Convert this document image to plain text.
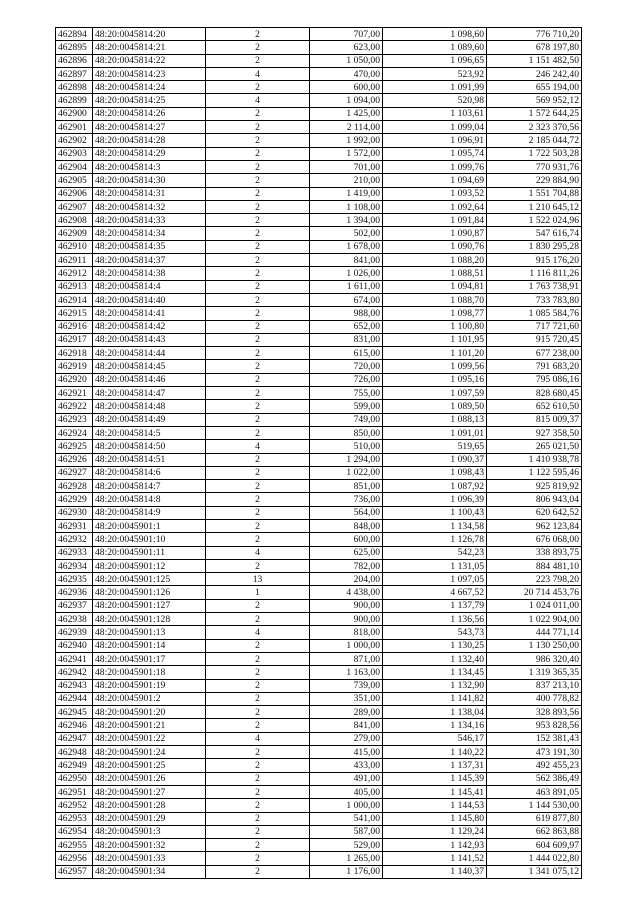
462894	48:20:0045814:20	2	707,00	1 098,60	776 710,20
462895	48:20:0045814:21	2	623,00	1 089,60	678 197,80
462896	48:20:0045814:22	2	1 050,00	1 096,65	1 151 482,50
462897	48:20:0045814:23	4	470,00	523,92	246 242,40
462898	48:20:0045814:24	2	600,00	1 091,99	655 194,00
462899	48:20:0045814:25	4	1 094,00	520,98	569 952,12
462900	48:20:0045814:26	2	1 425,00	1 103,61	1 572 644,25
462901	48:20:0045814:27	2	2 114,00	1 099,04	2 323 370,56
462902	48:20:0045814:28	2	1 992,00	1 096,91	2 185 044,72
462903	48:20:0045814:29	2	1 572,00	1 095,74	1 722 503,28
462904	48:20:0045814:3	2	701,00	1 099,76	770 931,76
462905	48:20:0045814:30	2	210,00	1 094,69	229 884,90
462906	48:20:0045814:31	2	1 419,00	1 093,52	1 551 704,88
462907	48:20:0045814:32	2	1 108,00	1 092,64	1 210 645,12
462908	48:20:0045814:33	2	1 394,00	1 091,84	1 522 024,96
462909	48:20:0045814:34	2	502,00	1 090,87	547 616,74
462910	48:20:0045814:35	2	1 678,00	1 090,76	1 830 295,28
462911	48:20:0045814:37	2	841,00	1 088,20	915 176,20
462912	48:20:0045814:38	2	1 026,00	1 088,51	1 116 811,26
462913	48:20:0045814:4	2	1 611,00	1 094,81	1 763 738,91
462914	48:20:0045814:40	2	674,00	1 088,70	733 783,80
462915	48:20:0045814:41	2	988,00	1 098,77	1 085 584,76
462916	48:20:0045814:42	2	652,00	1 100,80	717 721,60
462917	48:20:0045814:43	2	831,00	1 101,95	915 720,45
462918	48:20:0045814:44	2	615,00	1 101,20	677 238,00
462919	48:20:0045814:45	2	720,00	1 099,56	791 683,20
462920	48:20:0045814:46	2	726,00	1 095,16	795 086,16
462921	48:20:0045814:47	2	755,00	1 097,59	828 680,45
462922	48:20:0045814:48	2	599,00	1 089,50	652 610,50
462923	48:20:0045814:49	2	749,00	1 088,13	815 009,37
462924	48:20:0045814:5	2	850,00	1 091,01	927 358,50
462925	48:20:0045814:50	4	510,00	519,65	265 021,50
462926	48:20:0045814:51	2	1 294,00	1 090,37	1 410 938,78
462927	48:20:0045814:6	2	1 022,00	1 098,43	1 122 595,46
462928	48:20:0045814:7	2	851,00	1 087,92	925 819,92
462929	48:20:0045814:8	2	736,00	1 096,39	806 943,04
462930	48:20:0045814:9	2	564,00	1 100,43	620 642,52
462931	48:20:0045901:1	2	848,00	1 134,58	962 123,84
462932	48:20:0045901:10	2	600,00	1 126,78	676 068,00
462933	48:20:0045901:11	4	625,00	542,23	338 893,75
462934	48:20:0045901:12	2	782,00	1 131,05	884 481,10
462935	48:20:0045901:125	13	204,00	1 097,05	223 798,20
462936	48:20:0045901:126	1	4 438,00	4 667,52	20 714 453,76
462937	48:20:0045901:127	2	900,00	1 137,79	1 024 011,00
462938	48:20:0045901:128	2	900,00	1 136,56	1 022 904,00
462939	48:20:0045901:13	4	818,00	543,73	444 771,14
462940	48:20:0045901:14	2	1 000,00	1 130,25	1 130 250,00
462941	48:20:0045901:17	2	871,00	1 132,40	986 320,40
462942	48:20:0045901:18	2	1 163,00	1 134,45	1 319 365,35
462943	48:20:0045901:19	2	739,00	1 132,90	837 213,10
462944	48:20:0045901:2	2	351,00	1 141,82	400 778,82
462945	48:20:0045901:20	2	289,00	1 138,04	328 893,56
462946	48:20:0045901:21	2	841,00	1 134,16	953 828,56
462947	48:20:0045901:22	4	279,00	546,17	152 381,43
462948	48:20:0045901:24	2	415,00	1 140,22	473 191,30
462949	48:20:0045901:25	2	433,00	1 137,31	492 455,23
462950	48:20:0045901:26	2	491,00	1 145,39	562 386,49
462951	48:20:0045901:27	2	405,00	1 145,41	463 891,05
462952	48:20:0045901:28	2	1 000,00	1 144,53	1 144 530,00
462953	48:20:0045901:29	2	541,00	1 145,80	619 877,80
462954	48:20:0045901:3	2	587,00	1 129,24	662 863,88
462955	48:20:0045901:32	2	529,00	1 142,93	604 609,97
462956	48:20:0045901:33	2	1 265,00	1 141,52	1 444 022,80
462957	48:20:0045901:34	2	1 176,00	1 140,37	1 341 075,12
